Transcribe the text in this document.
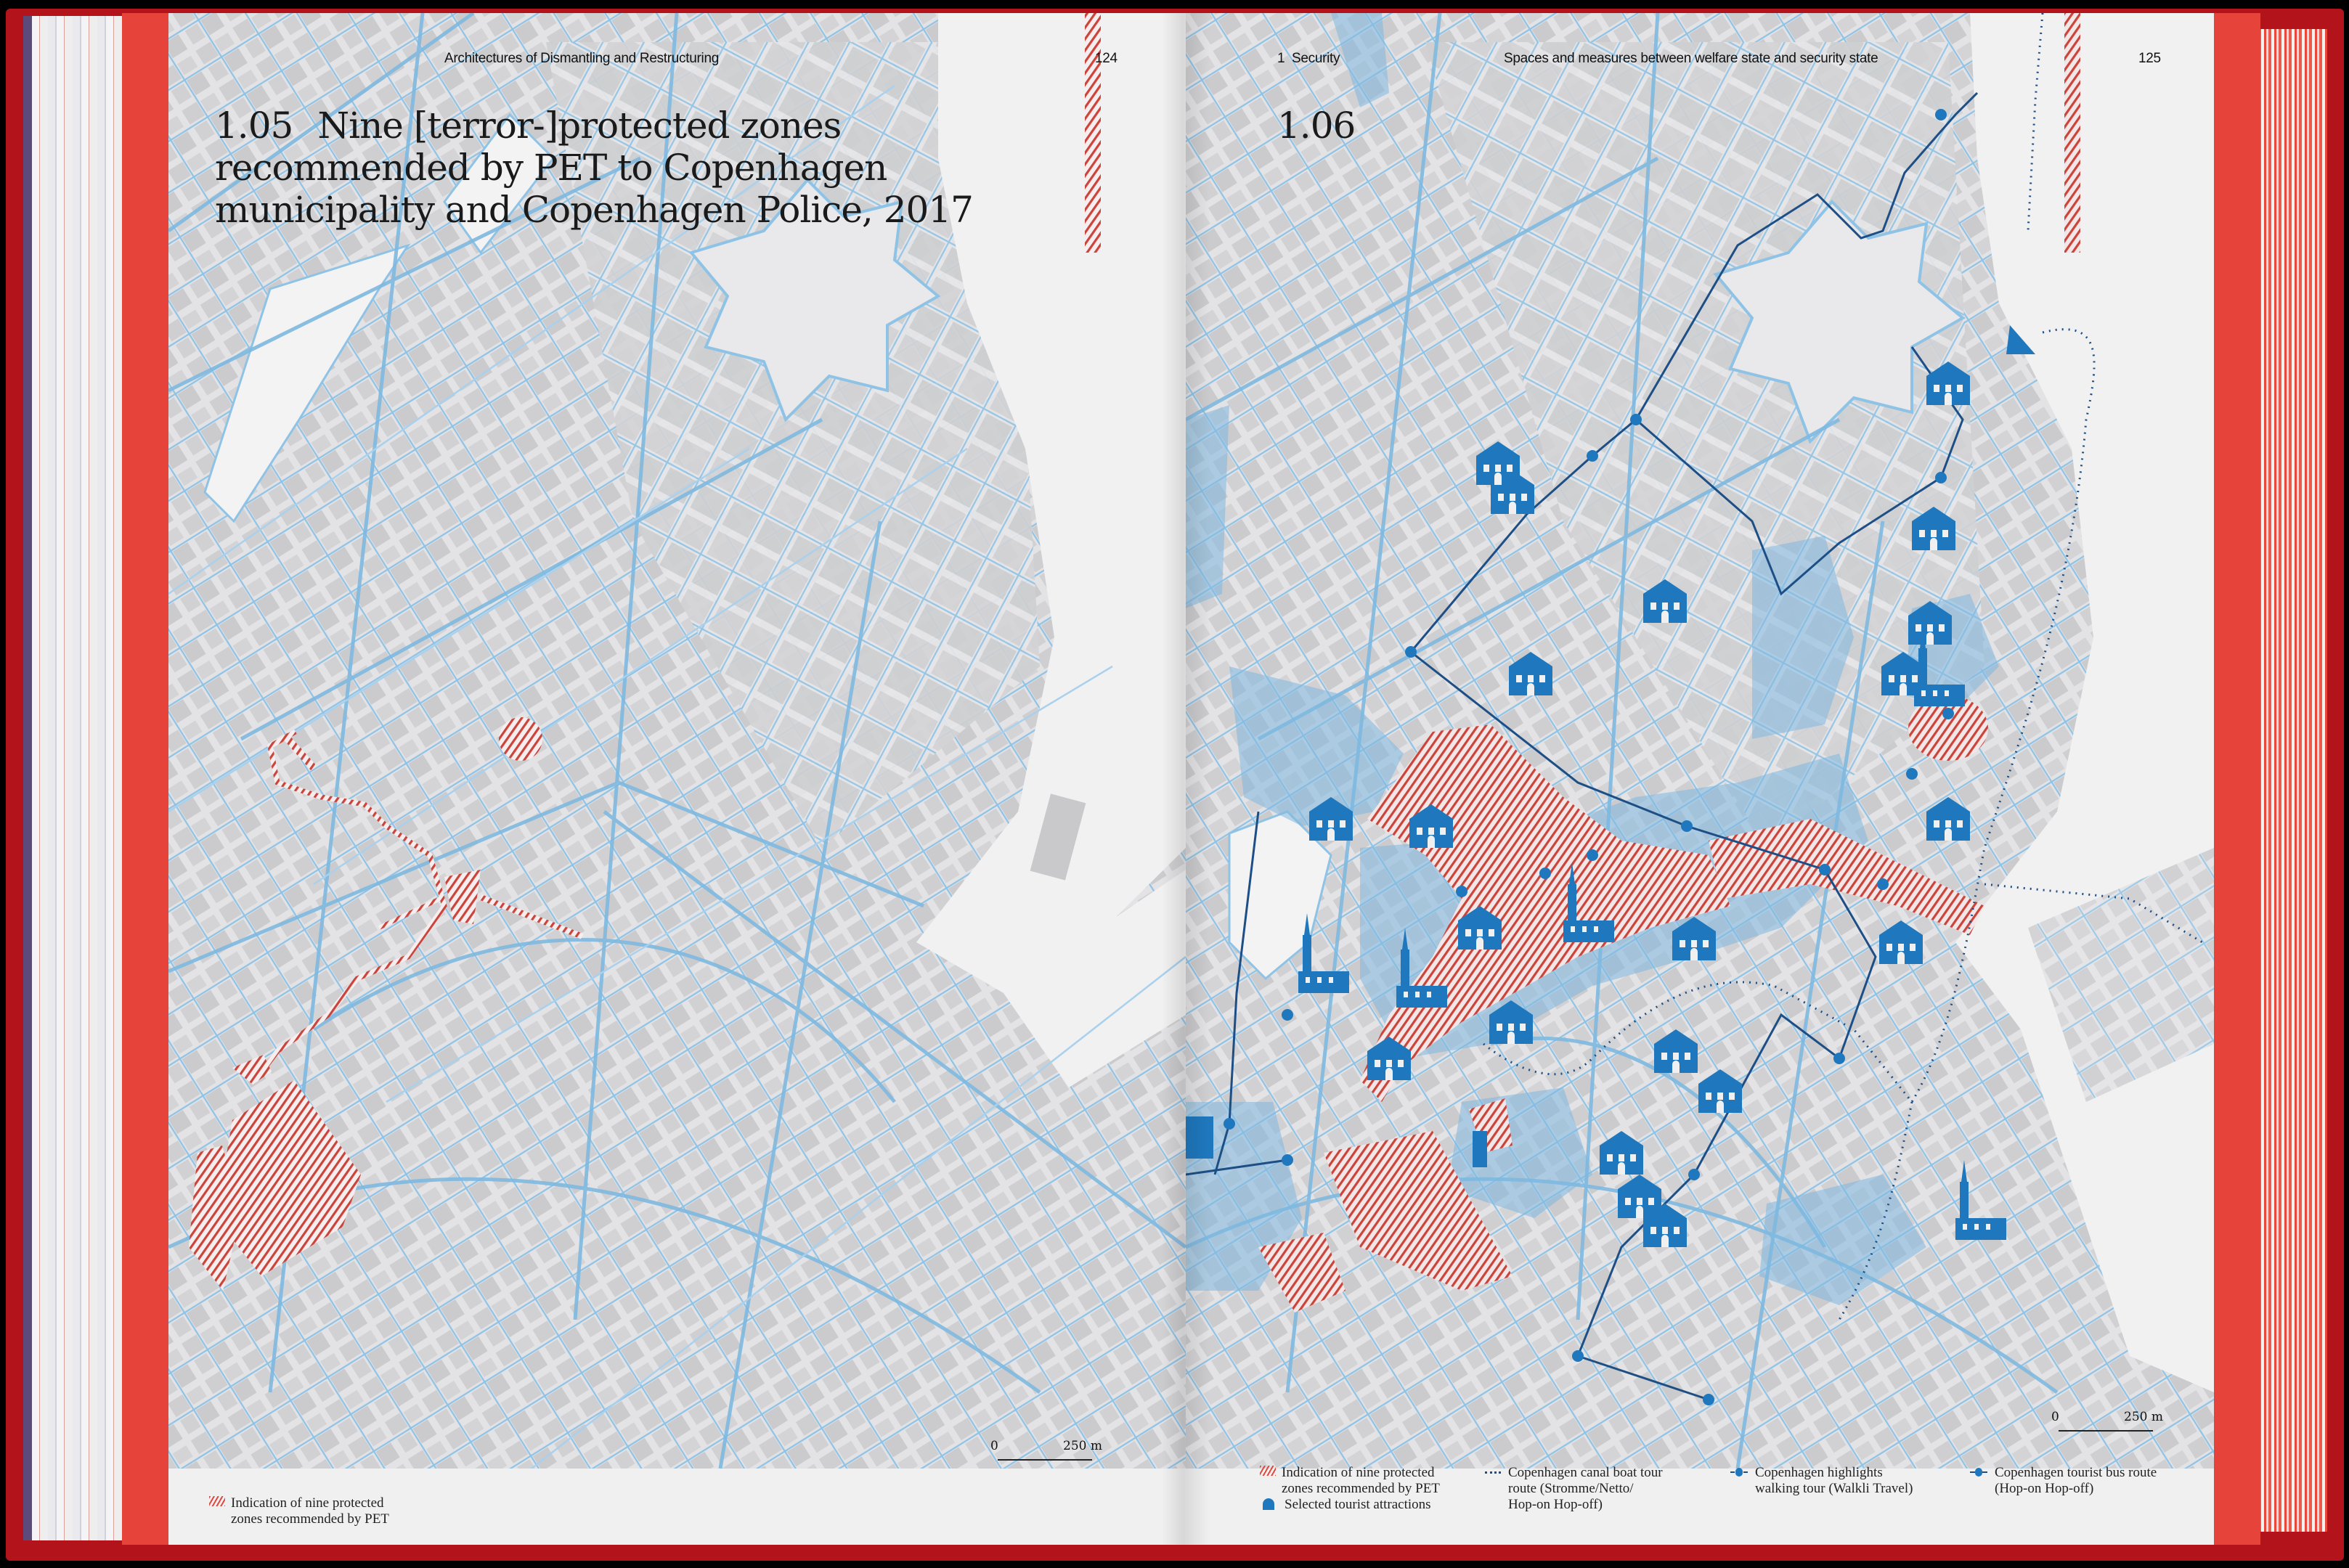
Architectures of Dismantling and Restructuring	124
1.05 Nine [terror-]protected zones
recommended by PET to Copenhagen
municipality and Copenhagen Police, 2017
0	250 m
Indication of nine protected
zones recommended by PET
1 Security	Spaces and measures between welfare state and security state	125
1.06
0	250 m
Indication of nine protected
zones recommended by PET
Selected tourist attractions
Copenhagen canal boat tour
route (Stromme/Netto/
Hop-on Hop-off)
Copenhagen highlights
walking tour (Walkli Travel)
Copenhagen tourist bus route
(Hop-on Hop-off)
